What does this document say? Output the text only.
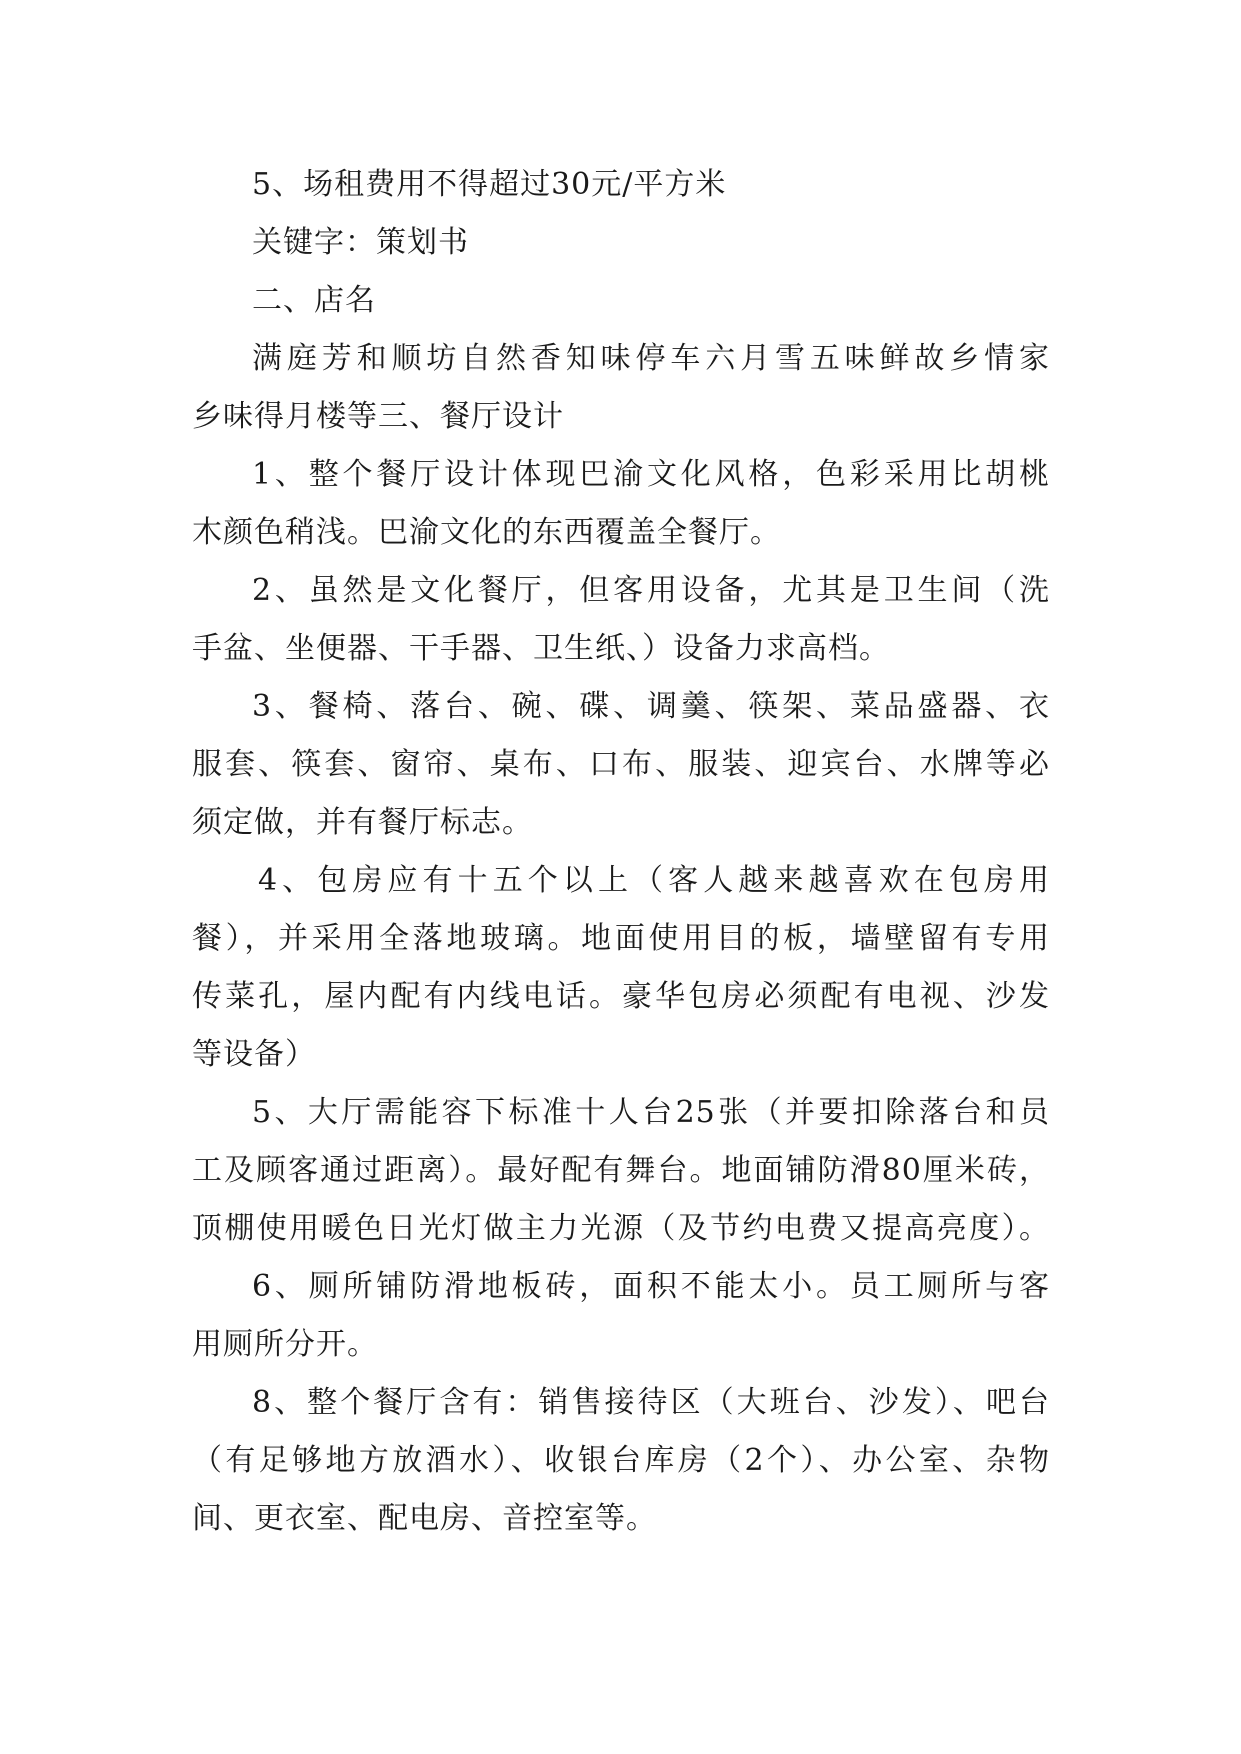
5、场租费用不得超过30元/平方米
关键字：策划书
二、店名
满庭芳和顺坊自然香知味停车六月雪五味鲜故乡情家
乡味得月楼等三、餐厅设计
1、整个餐厅设计体现巴渝文化风格，色彩采用比胡桃
木颜色稍浅。巴渝文化的东西覆盖全餐厅。
2、虽然是文化餐厅，但客用设备，尤其是卫生间（洗
手盆、坐便器、干手器、卫生纸、）设备力求高档。
3、餐椅、落台、碗、碟、调羹、筷架、菜品盛器、衣
服套、筷套、窗帘、桌布、口布、服装、迎宾台、水牌等必
须定做，并有餐厅标志。
4、包房应有十五个以上（客人越来越喜欢在包房用
餐），并采用全落地玻璃。地面使用目的板，墙壁留有专用
传菜孔，屋内配有内线电话。豪华包房必须配有电视、沙发
等设备）
5、大厅需能容下标准十人台25张（并要扣除落台和员
工及顾客通过距离）。最好配有舞台。地面铺防滑80厘米砖，
顶棚使用暖色日光灯做主力光源（及节约电费又提高亮度）。
6、厕所铺防滑地板砖，面积不能太小。员工厕所与客
用厕所分开。
8、整个餐厅含有：销售接待区（大班台、沙发）、吧台
（有足够地方放酒水）、收银台库房（2个）、办公室、杂物
间、更衣室、配电房、音控室等。
